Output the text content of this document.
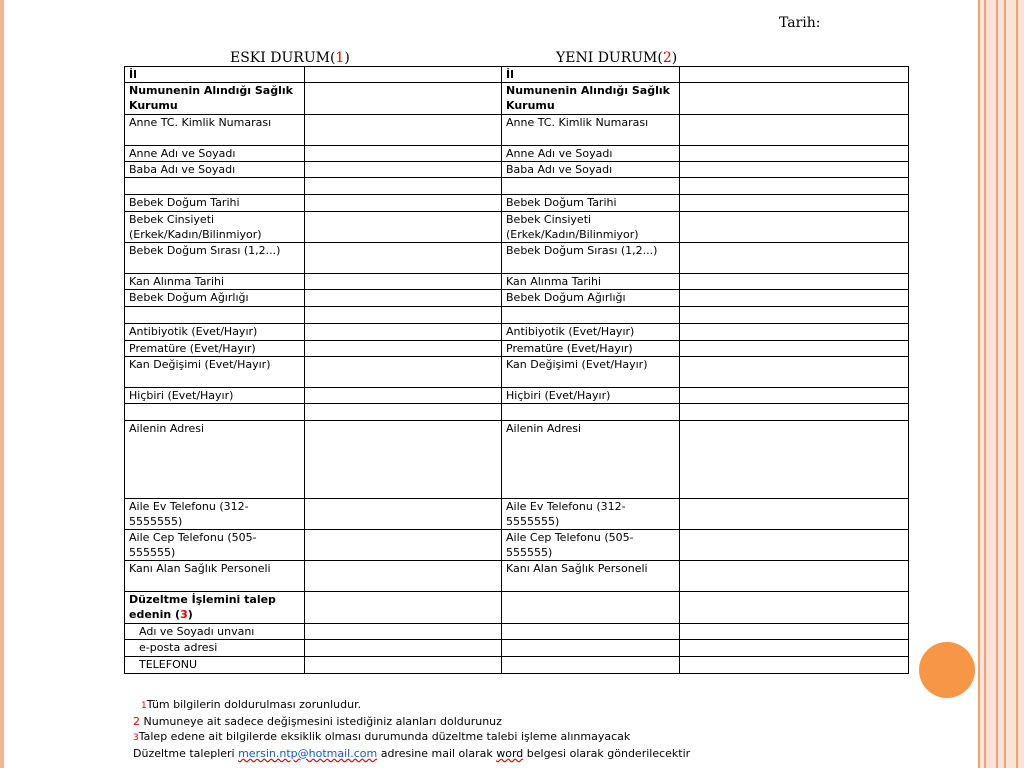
Tarih:
ESKI DURUM(1)	YENI DURUM(2)
İl		İl	
Numunenin Alındığı Sağlık Kurumu		Numunenin Alındığı Sağlık Kurumu	
Anne TC. Kimlik Numarası		Anne TC. Kimlik Numarası	
Anne Adı ve Soyadı		Anne Adı ve Soyadı	
Baba Adı ve Soyadı		Baba Adı ve Soyadı	

Bebek Doğum Tarihi		Bebek Doğum Tarihi	
Bebek Cinsiyeti (Erkek/Kadın/Bilinmiyor)		Bebek Cinsiyeti (Erkek/Kadın/Bilinmiyor)	
Bebek Doğum Sırası (1,2...)		Bebek Doğum Sırası (1,2...)	
Kan Alınma Tarihi		Kan Alınma Tarihi	
Bebek Doğum Ağırlığı		Bebek Doğum Ağırlığı	

Antibiyotik (Evet/Hayır)		Antibiyotik (Evet/Hayır)	
Prematüre (Evet/Hayır)		Prematüre (Evet/Hayır)	
Kan Değişimi (Evet/Hayır)		Kan Değişimi (Evet/Hayır)	
Hiçbiri (Evet/Hayır)		Hiçbiri (Evet/Hayır)	

Ailenin Adresi		Ailenin Adresi	
Aile Ev Telefonu (312-5555555)		Aile Ev Telefonu (312-5555555)	
Aile Cep Telefonu (505-555555)		Aile Cep Telefonu (505-555555)	
Kanı Alan Sağlık Personeli		Kanı Alan Sağlık Personeli	
Düzeltme İşlemini talep edenin (3)			
Adı ve Soyadı unvanı			
e-posta adresi			
TELEFONU			
1Tüm bilgilerin doldurulması zorunludur.
2 Numuneye ait sadece değişmesini istediğiniz alanları doldurunuz
3Talep edene ait bilgilerde eksiklik olması durumunda düzeltme talebi işleme alınmayacak
Düzeltme talepleri mersin.ntp@hotmail.com adresine mail olarak word belgesi olarak gönderilecektir
